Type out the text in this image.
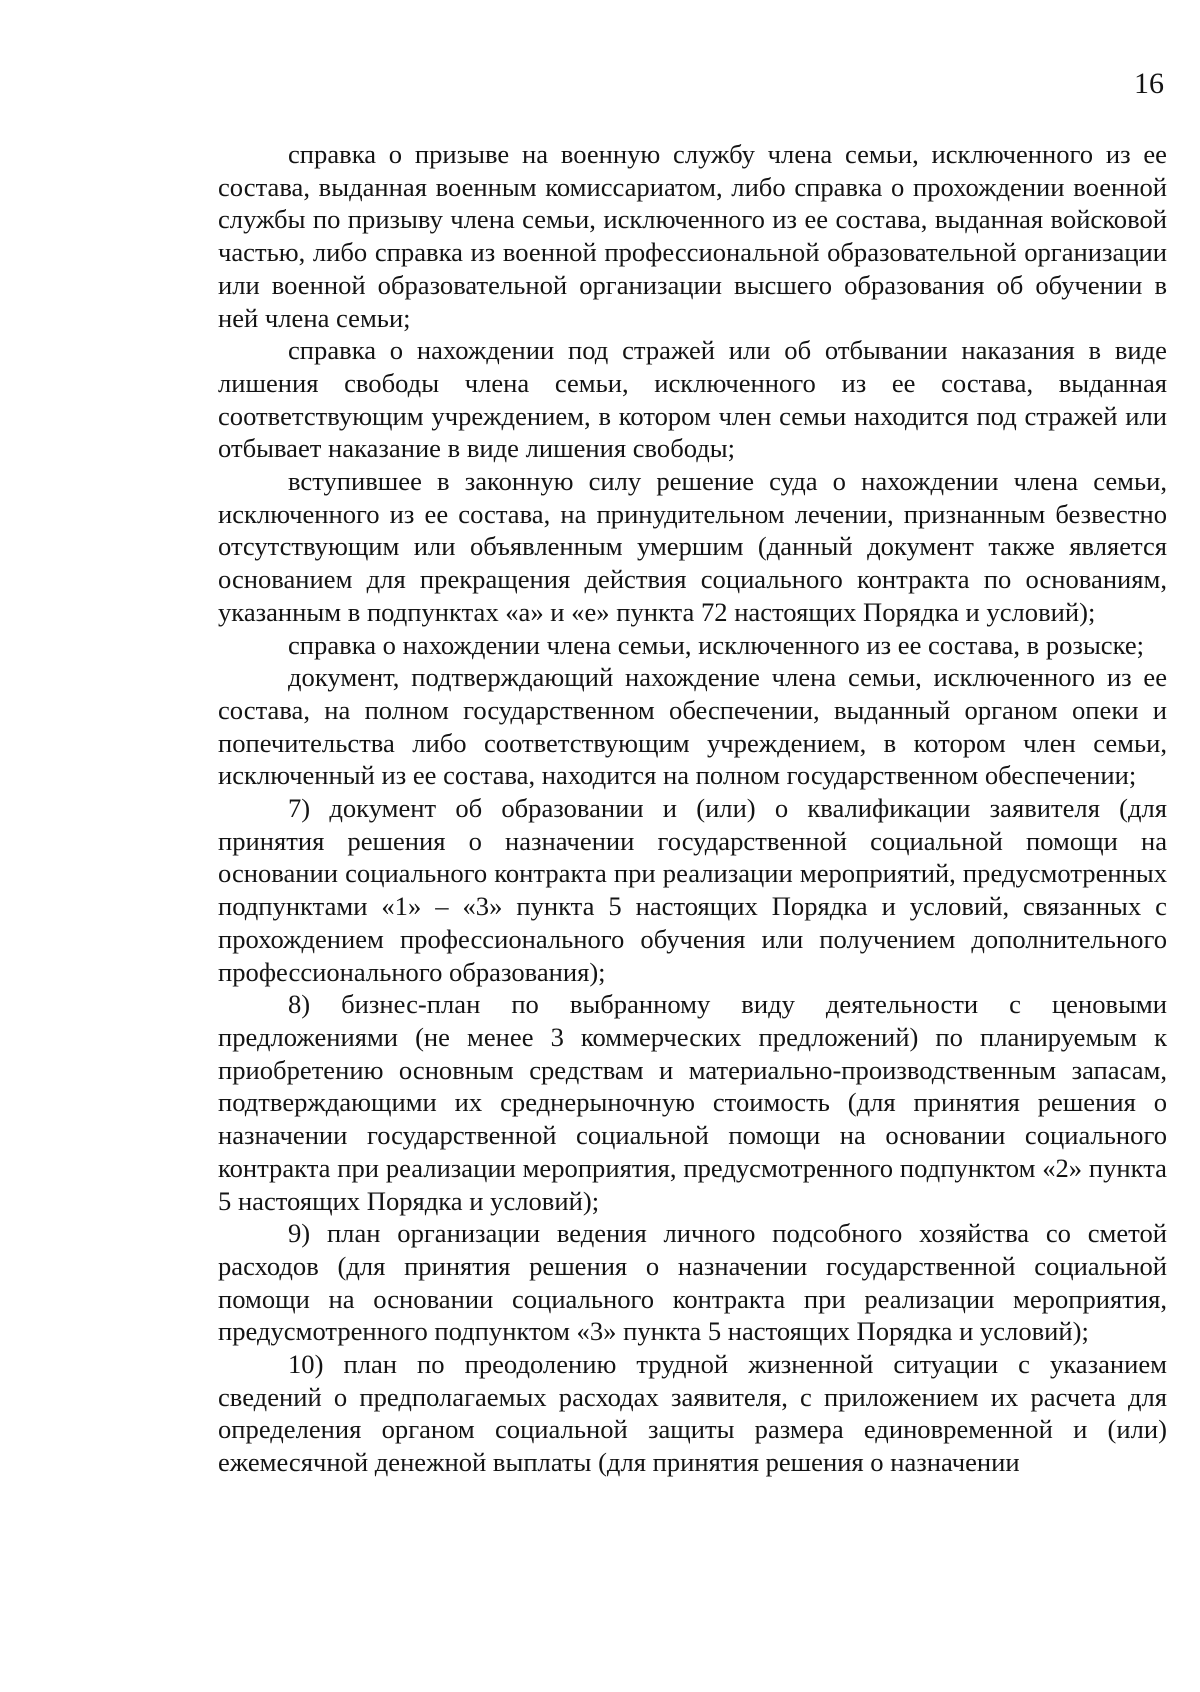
16

справка о призыве на военную службу члена семьи, исключенного из ее состава, выданная военным комиссариатом, либо справка о прохождении военной службы по призыву члена семьи, исключенного из ее состава, выданная войсковой частью, либо справка из военной профессиональной образовательной организации или военной образовательной организации высшего образования об обучении в ней члена семьи;

справка о нахождении под стражей или об отбывании наказания в виде лишения свободы члена семьи, исключенного из ее состава, выданная соответствующим учреждением, в котором член семьи находится под стражей или отбывает наказание в виде лишения свободы;

вступившее в законную силу решение суда о нахождении члена семьи, исключенного из ее состава, на принудительном лечении, признанным безвестно отсутствующим или объявленным умершим (данный документ также является основанием для прекращения действия социального контракта по основаниям, указанным в подпунктах «а» и «е» пункта 72 настоящих Порядка и условий);

справка о нахождении члена семьи, исключенного из ее состава, в розыске;

документ, подтверждающий нахождение члена семьи, исключенного из ее состава, на полном государственном обеспечении, выданный органом опеки и попечительства либо соответствующим учреждением, в котором член семьи, исключенный из ее состава, находится на полном государственном обеспечении;

7) документ об образовании и (или) о квалификации заявителя (для принятия решения о назначении государственной социальной помощи на основании социального контракта при реализации мероприятий, предусмотренных подпунктами «1» – «3» пункта 5 настоящих Порядка и условий, связанных с прохождением профессионального обучения или получением дополнительного профессионального образования);

8) бизнес-план по выбранному виду деятельности с ценовыми предложениями (не менее 3 коммерческих предложений) по планируемым к приобретению основным средствам и материально-производственным запасам, подтверждающими их среднерыночную стоимость (для принятия решения о назначении государственной социальной помощи на основании социального контракта при реализации мероприятия, предусмотренного подпунктом «2» пункта 5 настоящих Порядка и условий);

9) план организации ведения личного подсобного хозяйства со сметой расходов (для принятия решения о назначении государственной социальной помощи на основании социального контракта при реализации мероприятия, предусмотренного подпунктом «3» пункта 5 настоящих Порядка и условий);

10) план по преодолению трудной жизненной ситуации с указанием сведений о предполагаемых расходах заявителя, с приложением их расчета для определения органом социальной защиты размера единовременной и (или) ежемесячной денежной выплаты (для принятия решения о назначении
